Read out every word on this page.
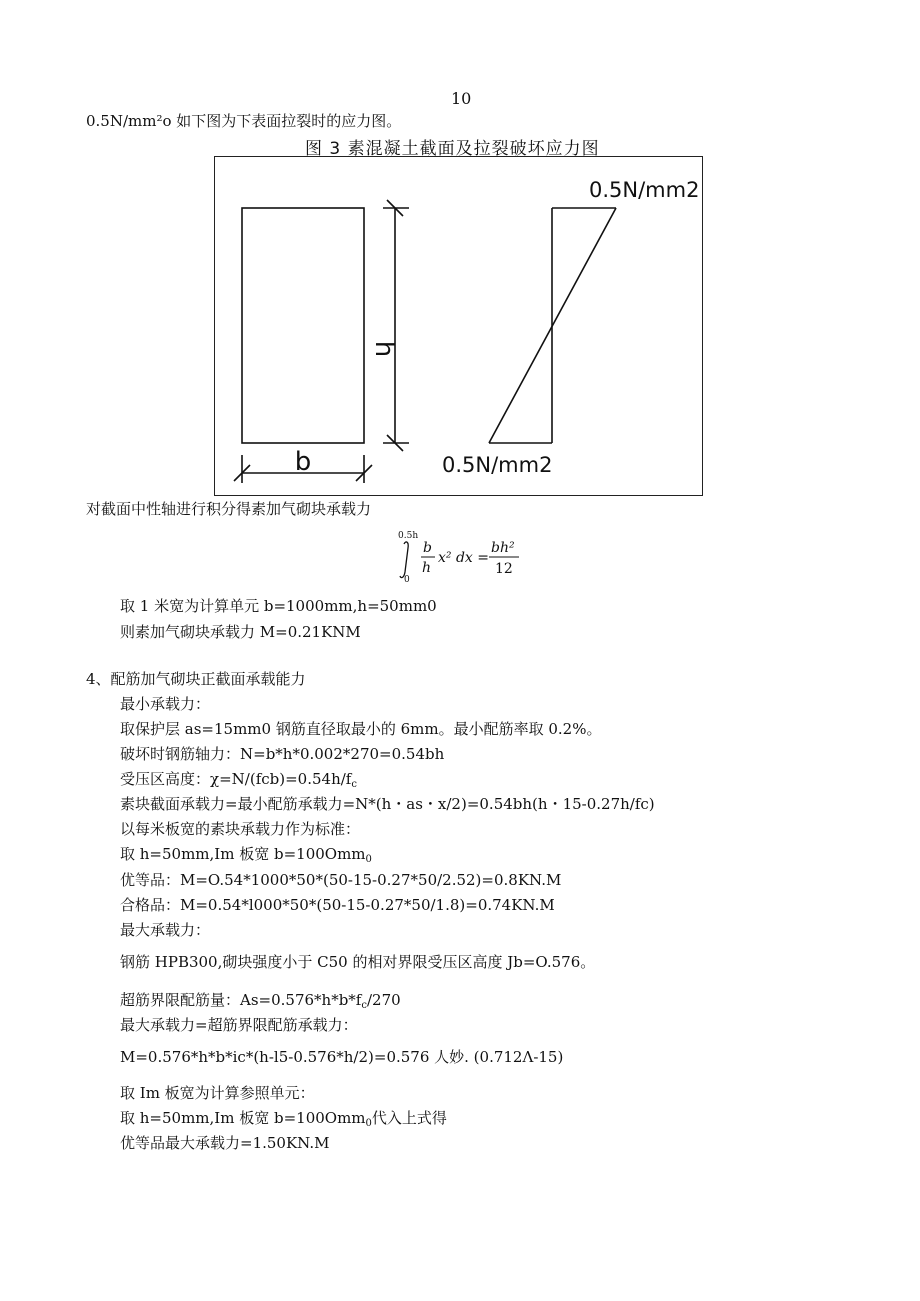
10
0.5N∕mm²o 如下图为下表面拉裂时的应力图。
图 3 素混凝土截面及拉裂破坏应力图
h
b
0.5N/mm2
0.5N/mm2
对截面中性轴进行积分得素加气砌块承载力
0.5h
0
b
h
x² dx =
bh²
12
取 1 米宽为计算单元 b=1000mm,h=50mm0
则素加气砌块承载力 M=0.21KNM
4、配筋加气砌块正截面承载能力
最小承载力：
取保护层 as=15mm0 钢筋直径取最小的 6mm。最小配筋率取 0.2%。
破坏时钢筋轴力：N=b*h*0.002*270=0.54bh
受压区高度：$\chi=N∕(fcb)=0.54h∕f_c$
素块截面承载力=最小配筋承载力=N*(h・as・x/2)=0.54bh(h・15-0.27h/fc)
以每米板宽的素块承载力作为标准：
取 h=50mm,Im 板宽 b=100Omm$_0$
优等品：M=O.54*1000*50*(50-15-0.27*50/2.52)=0.8KN.M
合格品：M=0.54*l000*50*(50-15-0.27*50/1.8)=0.74KN.M
最大承载力：
钢筋 HPB300,砌块强度小于 C50 的相对界限受压区高度 Jb=O.576。
超筋界限配筋量：$As=0.576*h*b*f_c∕270$
最大承载力=超筋界限配筋承载力：
M=0.576*h*b*ic*(h-l5-0.576*h∕2)=0.576 人妙. (0.712Λ-15)
取 Im 板宽为计算参照单元：
取 h=50mm,Im 板宽 b=100Omm$_0$代入上式得
优等品最大承载力=1.50KN.M
